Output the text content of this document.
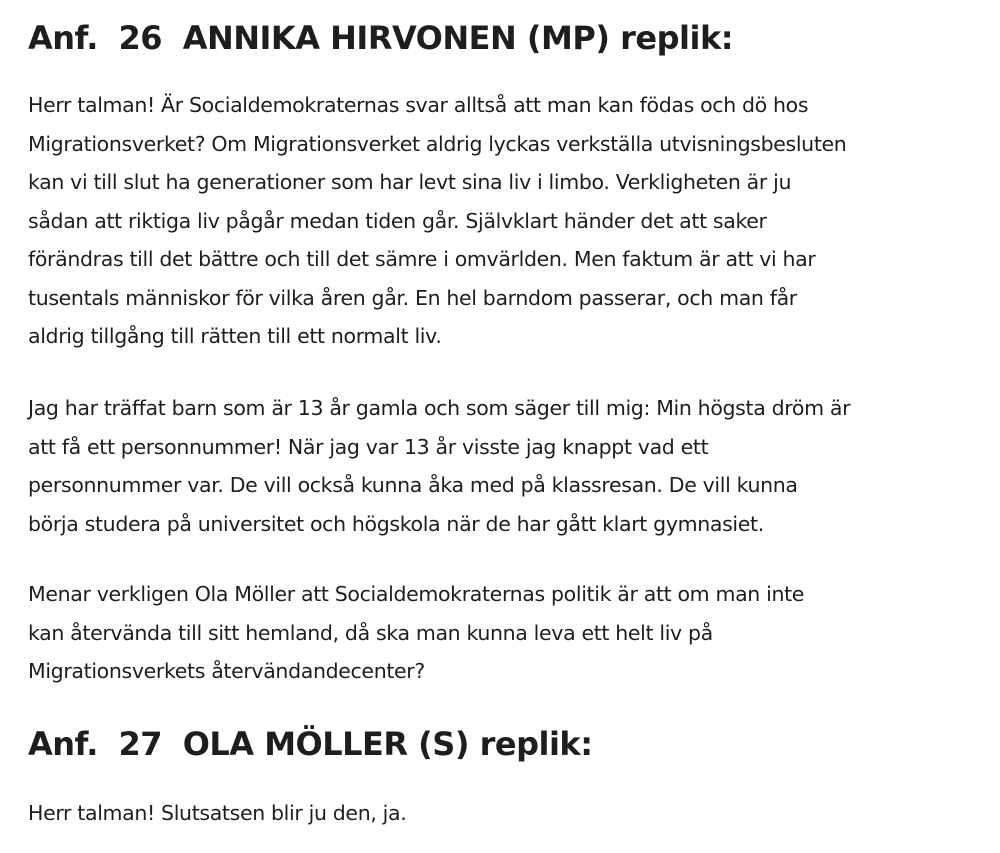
Anf. 26 ANNIKA HIRVONEN (MP) replik:

Herr talman! Är Socialdemokraternas svar alltså att man kan födas och dö hos
Migrationsverket? Om Migrationsverket aldrig lyckas verkställa utvisningsbesluten
kan vi till slut ha generationer som har levt sina liv i limbo. Verkligheten är ju
sådan att riktiga liv pågår medan tiden går. Självklart händer det att saker
förändras till det bättre och till det sämre i omvärlden. Men faktum är att vi har
tusentals människor för vilka åren går. En hel barndom passerar, och man får
aldrig tillgång till rätten till ett normalt liv.

Jag har träffat barn som är 13 år gamla och som säger till mig: Min högsta dröm är
att få ett personnummer! När jag var 13 år visste jag knappt vad ett
personnummer var. De vill också kunna åka med på klassresan. De vill kunna
börja studera på universitet och högskola när de har gått klart gymnasiet.

Menar verkligen Ola Möller att Socialdemokraternas politik är att om man inte
kan återvända till sitt hemland, då ska man kunna leva ett helt liv på
Migrationsverkets återvändandecenter?

Anf. 27 OLA MÖLLER (S) replik:

Herr talman! Slutsatsen blir ju den, ja.
